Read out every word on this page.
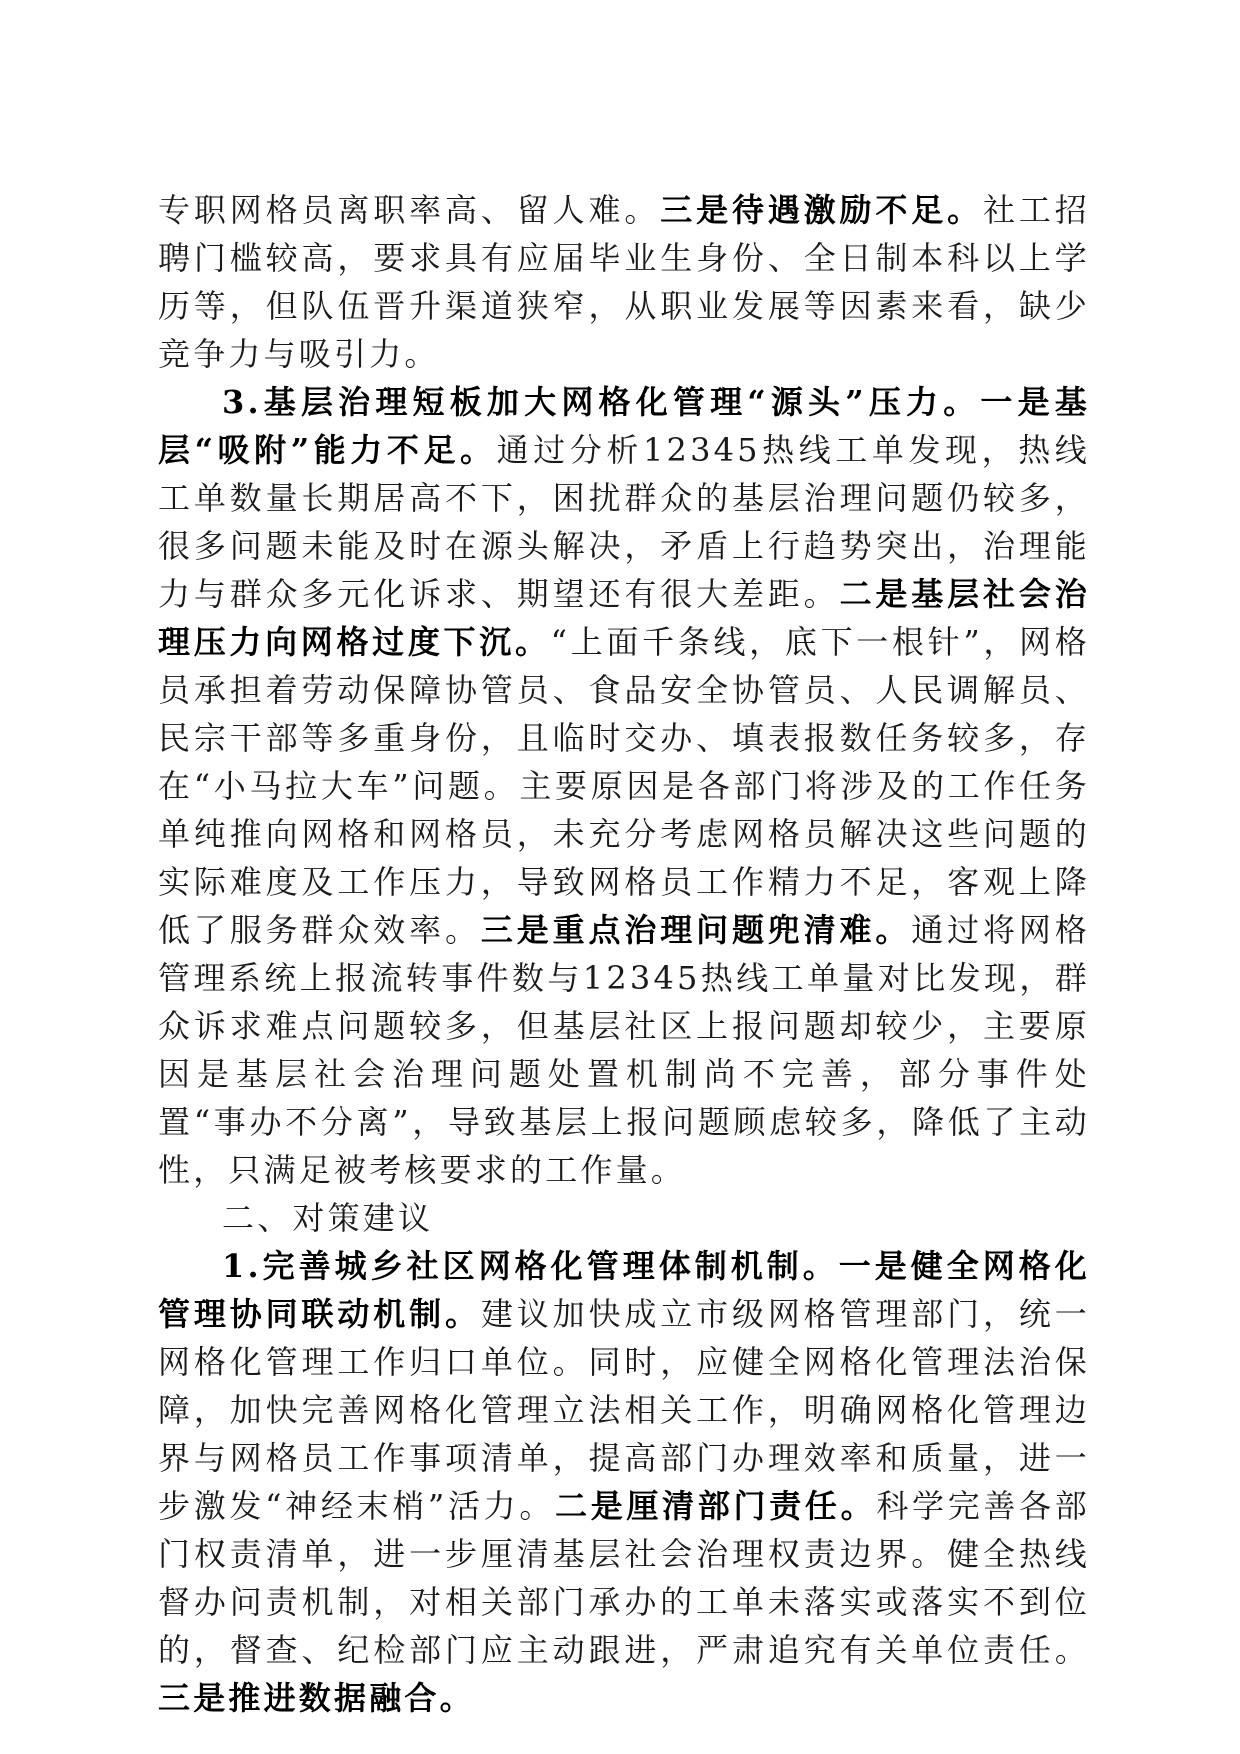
专职网格员离职率高、留人难。三是待遇激励不足。社工招聘门槛较高，要求具有应届毕业生身份、全日制本科以上学历等，但队伍晋升渠道狭窄，从职业发展等因素来看，缺少竞争力与吸引力。

3.基层治理短板加大网格化管理“源头”压力。一是基层“吸附”能力不足。通过分析12345热线工单发现，热线工单数量长期居高不下，困扰群众的基层治理问题仍较多，很多问题未能及时在源头解决，矛盾上行趋势突出，治理能力与群众多元化诉求、期望还有很大差距。二是基层社会治理压力向网格过度下沉。“上面千条线，底下一根针”，网格员承担着劳动保障协管员、食品安全协管员、人民调解员、民宗干部等多重身份，且临时交办、填表报数任务较多，存在“小马拉大车”问题。主要原因是各部门将涉及的工作任务单纯推向网格和网格员，未充分考虑网格员解决这些问题的实际难度及工作压力，导致网格员工作精力不足，客观上降低了服务群众效率。三是重点治理问题兜清难。通过将网格管理系统上报流转事件数与12345热线工单量对比发现，群众诉求难点问题较多，但基层社区上报问题却较少，主要原因是基层社会治理问题处置机制尚不完善，部分事件处置“事办不分离”，导致基层上报问题顾虑较多，降低了主动性，只满足被考核要求的工作量。

二、对策建议

1.完善城乡社区网格化管理体制机制。一是健全网格化管理协同联动机制。建议加快成立市级网格管理部门，统一网格化管理工作归口单位。同时，应健全网格化管理法治保障，加快完善网格化管理立法相关工作，明确网格化管理边界与网格员工作事项清单，提高部门办理效率和质量，进一步激发“神经末梢”活力。二是厘清部门责任。科学完善各部门权责清单，进一步厘清基层社会治理权责边界。健全热线督办问责机制，对相关部门承办的工单未落实或落实不到位的，督查、纪检部门应主动跟进，严肃追究有关单位责任。三是推进数据融合。
